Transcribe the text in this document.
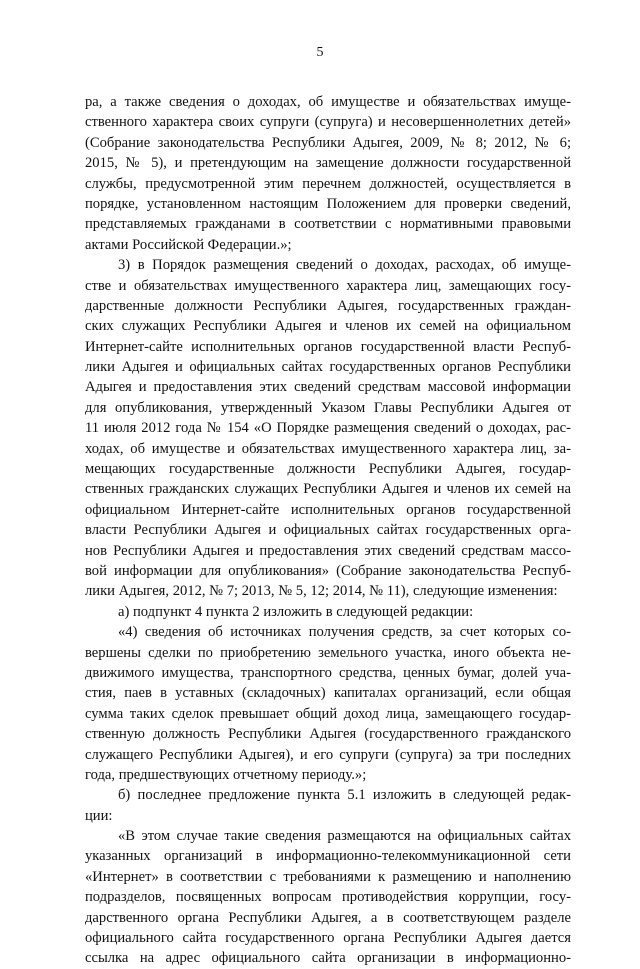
5
ра, а также сведения о доходах, об имуществе и обязательствах имуще-
ственного характера своих супруги (супруга) и несовершеннолетних детей»
(Собрание законодательства Республики Адыгея, 2009, № 8; 2012, № 6;
2015, № 5), и претендующим на замещение должности государственной
службы, предусмотренной этим перечнем должностей, осуществляется в
порядке, установленном настоящим Положением для проверки сведений,
представляемых гражданами в соответствии с нормативными правовыми
актами Российской Федерации.»;
3) в Порядок размещения сведений о доходах, расходах, об имуще-
стве и обязательствах имущественного характера лиц, замещающих госу-
дарственные должности Республики Адыгея, государственных граждан-
ских служащих Республики Адыгея и членов их семей на официальном
Интернет-сайте исполнительных органов государственной власти Респуб-
лики Адыгея и официальных сайтах государственных органов Республики
Адыгея и предоставления этих сведений средствам массовой информации
для опубликования, утвержденный Указом Главы Республики Адыгея от
11 июля 2012 года № 154 «О Порядке размещения сведений о доходах, рас-
ходах, об имуществе и обязательствах имущественного характера лиц, за-
мещающих государственные должности Республики Адыгея, государ-
ственных гражданских служащих Республики Адыгея и членов их семей на
официальном Интернет-сайте исполнительных органов государственной
власти Республики Адыгея и официальных сайтах государственных орга-
нов Республики Адыгея и предоставления этих сведений средствам массо-
вой информации для опубликования» (Собрание законодательства Респуб-
лики Адыгея, 2012, № 7; 2013, № 5, 12; 2014, № 11), следующие изменения:
а) подпункт 4 пункта 2 изложить в следующей редакции:
«4) сведения об источниках получения средств, за счет которых со-
вершены сделки по приобретению земельного участка, иного объекта не-
движимого имущества, транспортного средства, ценных бумаг, долей уча-
стия, паев в уставных (складочных) капиталах организаций, если общая
сумма таких сделок превышает общий доход лица, замещающего государ-
ственную должность Республики Адыгея (государственного гражданского
служащего Республики Адыгея), и его супруги (супруга) за три последних
года, предшествующих отчетному периоду.»;
б) последнее предложение пункта 5.1 изложить в следующей редак-
ции:
«В этом случае такие сведения размещаются на официальных сайтах
указанных организаций в информационно-телекоммуникационной сети
«Интернет» в соответствии с требованиями к размещению и наполнению
подразделов, посвященных вопросам противодействия коррупции, госу-
дарственного органа Республики Адыгея, а в соответствующем разделе
официального сайта государственного органа Республики Адыгея дается
ссылка на адрес официального сайта организации в информационно-
